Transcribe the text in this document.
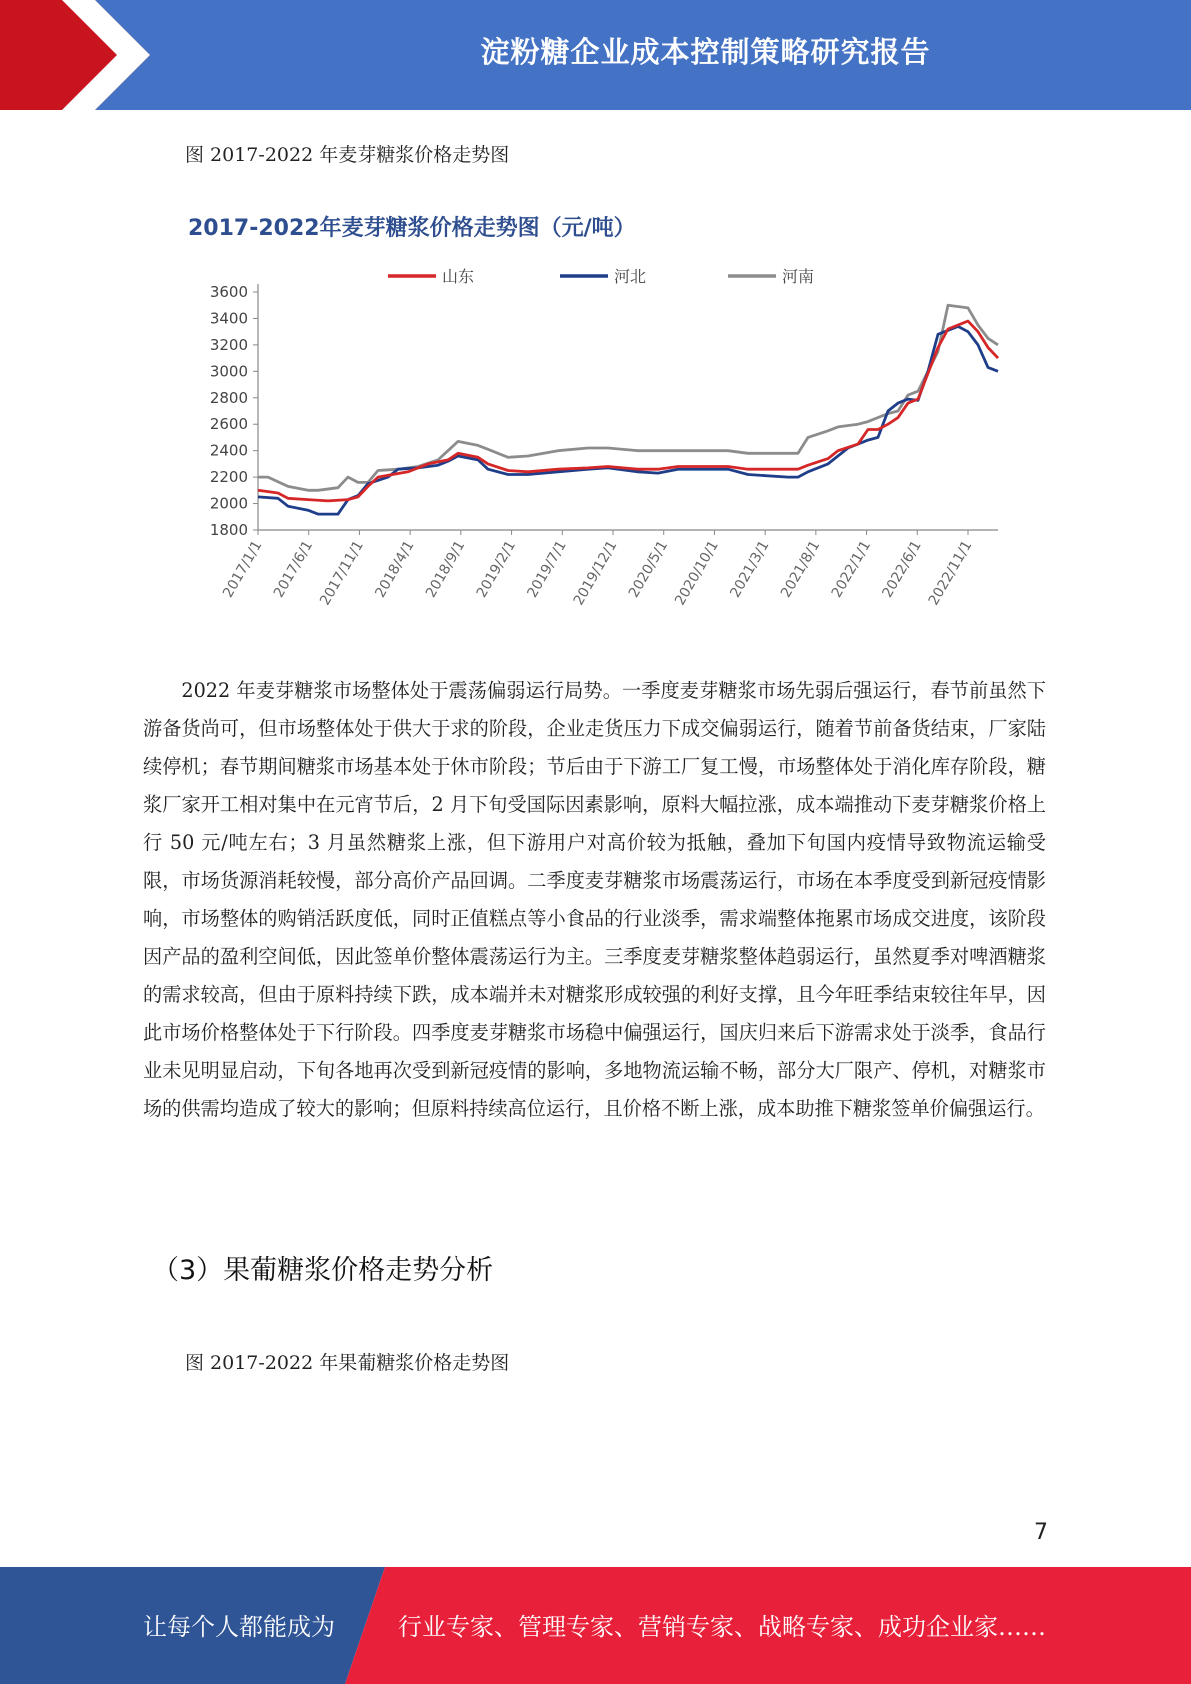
淀粉糖企业成本控制策略研究报告
图 2017-2022 年麦芽糖浆价格走势图
2017-2022年麦芽糖浆价格走势图（元/吨）
山东	河北	河南
3600
3400
3200
3000
2800
2600
2400
2200
2000
1800
2017/1/1 2017/6/1 2017/11/1 2018/4/1 2018/9/1 2019/2/1 2019/7/1 2019/12/1 2020/5/1 2020/10/1 2021/3/1 2021/8/1 2022/1/1 2022/6/1 2022/11/1

2022 年麦芽糖浆市场整体处于震荡偏弱运行局势。一季度麦芽糖浆市场先弱后强运行，春节前虽然下游备货尚可，但市场整体处于供大于求的阶段，企业走货压力下成交偏弱运行，随着节前备货结束，厂家陆续停机；春节期间糖浆市场基本处于休市阶段；节后由于下游工厂复工慢，市场整体处于消化库存阶段，糖浆厂家开工相对集中在元宵节后，2 月下旬受国际因素影响，原料大幅拉涨，成本端推动下麦芽糖浆价格上行 50 元/吨左右；3 月虽然糖浆上涨，但下游用户对高价较为抵触，叠加下旬国内疫情导致物流运输受限，市场货源消耗较慢，部分高价产品回调。二季度麦芽糖浆市场震荡运行，市场在本季度受到新冠疫情影响，市场整体的购销活跃度低，同时正值糕点等小食品的行业淡季，需求端整体拖累市场成交进度，该阶段因产品的盈利空间低，因此签单价整体震荡运行为主。三季度麦芽糖浆整体趋弱运行，虽然夏季对啤酒糖浆的需求较高，但由于原料持续下跌，成本端并未对糖浆形成较强的利好支撑，且今年旺季结束较往年早，因此市场价格整体处于下行阶段。四季度麦芽糖浆市场稳中偏强运行，国庆归来后下游需求处于淡季，食品行业未见明显启动，下旬各地再次受到新冠疫情的影响，多地物流运输不畅，部分大厂限产、停机，对糖浆市场的供需均造成了较大的影响；但原料持续高位运行，且价格不断上涨，成本助推下糖浆签单价偏强运行。

（3）果葡糖浆价格走势分析
图 2017-2022 年果葡糖浆价格走势图
7
让每个人都能成为	行业专家、管理专家、营销专家、战略专家、成功企业家……
